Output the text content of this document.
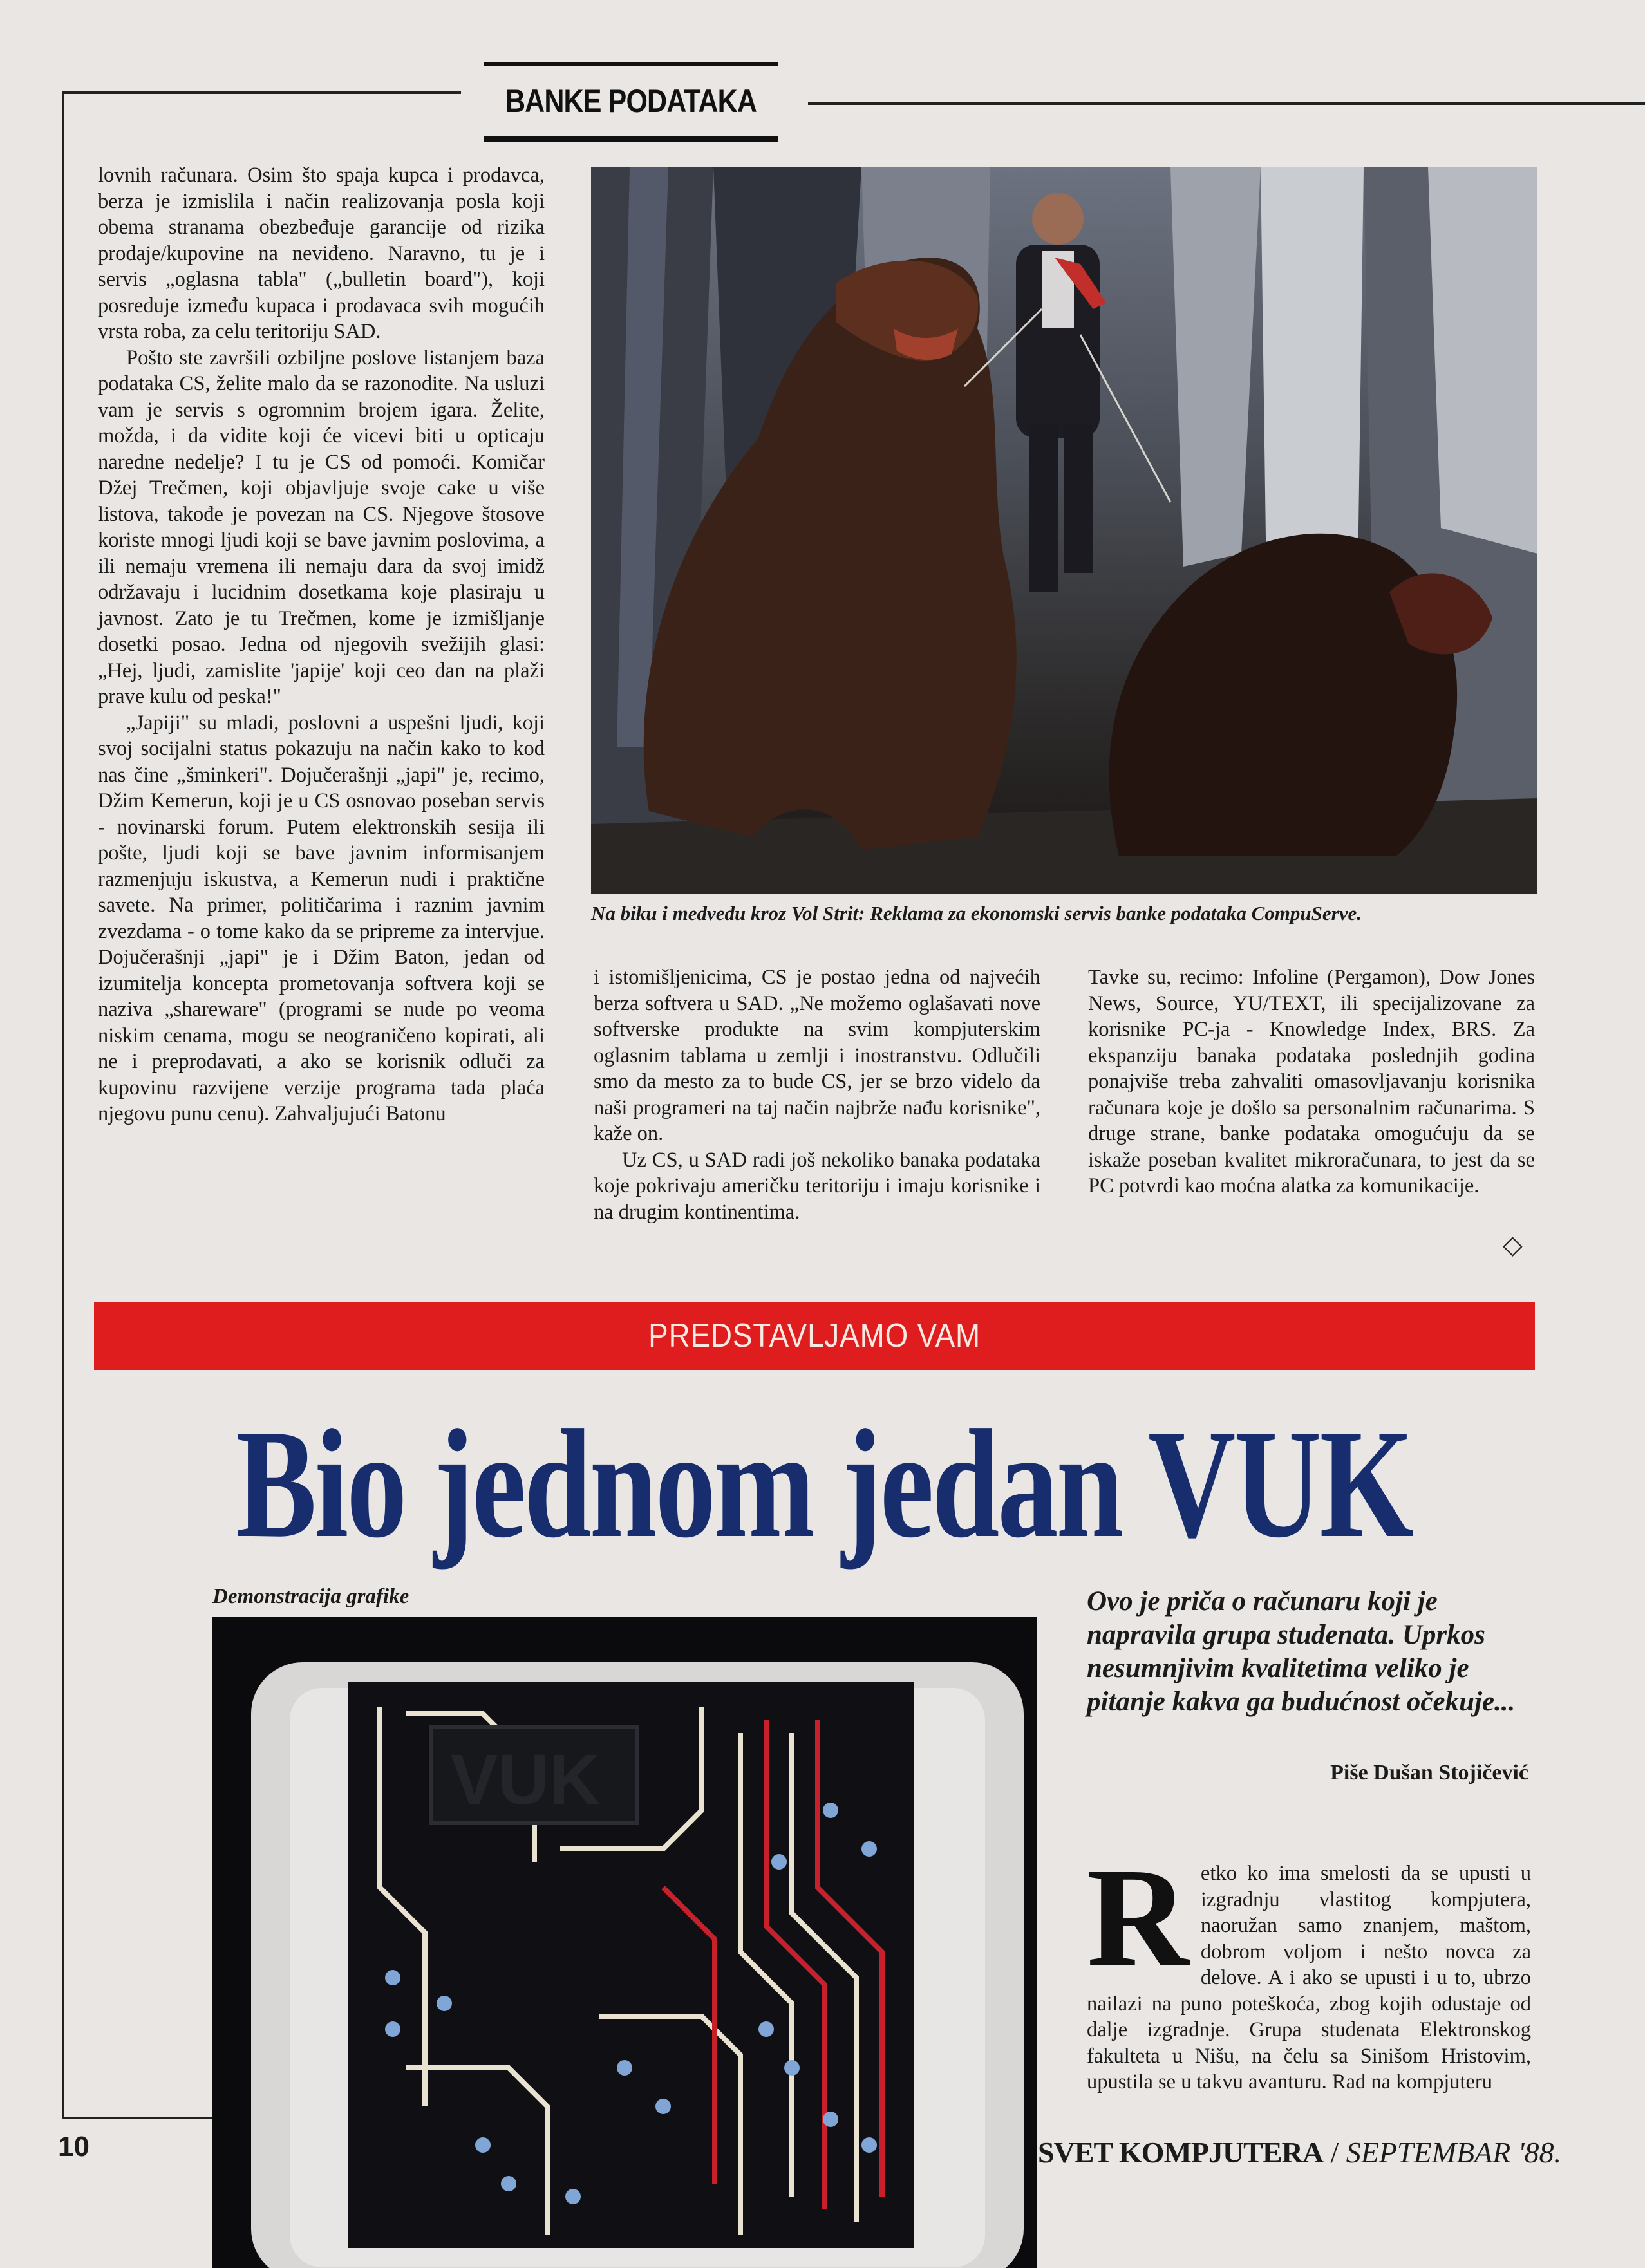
BANKE PODATAKA

lovnih računara. Osim što spaja kupca i prodavca, berza je izmislila i način realizovanja posla koji obema stranama obezbeđuje garancije od rizika prodaje/kupovine na neviđeno. Naravno, tu je i servis „oglasna tabla" („bulletin board"), koji posreduje između kupaca i prodavaca svih mogućih vrsta roba, za celu teritoriju SAD.

Pošto ste završili ozbiljne poslove listanjem baza podataka CS, želite malo da se razonodite. Na usluzi vam je servis s ogromnim brojem igara. Želite, možda, i da vidite koji će vicevi biti u opticaju naredne nedelje? I tu je CS od pomoći. Komičar Džej Trečmen, koji objavljuje svoje cake u više listova, takođe je povezan na CS. Njegove štosove koriste mnogi ljudi koji se bave javnim poslovima, a ili nemaju vremena ili nemaju dara da svoj imidž održavaju i lucidnim dosetkama koje plasiraju u javnost. Zato je tu Trečmen, kome je izmišljanje dosetki posao. Jedna od njegovih svežijih glasi: „Hej, ljudi, zamislite 'japije' koji ceo dan na plaži prave kulu od peska!"

„Japiji" su mladi, poslovni a uspešni ljudi, koji svoj socijalni status pokazuju na način kako to kod nas čine „šminkeri". Dojučerašnji „japi" je, recimo, Džim Kemerun, koji je u CS osnovao poseban servis - novinarski forum. Putem elektronskih sesija ili pošte, ljudi koji se bave javnim informisanjem razmenjuju iskustva, a Kemerun nudi i praktične savete. Na primer, političarima i raznim javnim zvezdama - o tome kako da se pripreme za intervjue. Dojučerašnji „japi" je i Džim Baton, jedan od izumitelja koncepta prometovanja softvera koji se naziva „shareware" (programi se nude po veoma niskim cenama, mogu se neograničeno kopirati, ali ne i preprodavati, a ako se korisnik odluči za kupovinu razvijene verzije programa tada plaća njegovu punu cenu). Zahvaljujući Batonu

Na biku i medvedu kroz Vol Strit: Reklama za ekonomski servis banke podataka CompuServe.

i istomišljenicima, CS je postao jedna od najvećih berza softvera u SAD. „Ne možemo oglašavati nove softverske produkte na svim kompjuterskim oglasnim tablama u zemlji i inostranstvu. Odlučili smo da mesto za to bude CS, jer se brzo videlo da naši programeri na taj način najbrže nađu korisnike", kaže on.

Uz CS, u SAD radi još nekoliko banaka podataka koje pokrivaju američku teritoriju i imaju korisnike i na drugim kontinentima.

Tavke su, recimo: Infoline (Pergamon), Dow Jones News, Source, YU/TEXT, ili specijalizovane za korisnike PC-ja - Knowledge Index, BRS. Za ekspanziju banaka podataka poslednjih godina ponajviše treba zahvaliti omasovljavanju korisnika računara koje je došlo sa personalnim računarima. S druge strane, banke podataka omogućuju da se iskaže poseban kvalitet mikroračunara, to jest da se PC potvrdi kao moćna alatka za komunikacije.

◇
PREDSTAVLJAMO VAM
Bio jednom jedan VUK
Demonstracija grafike
VUK

Ovo je priča o računaru koji je napravila grupa studenata. Uprkos nesumnjivim kvalitetima veliko je pitanje kakva ga budućnost očekuje...

Piše Dušan Stojičević

Retko ko ima smelosti da se upusti u izgradnju vlastitog kompjutera, naoružan samo znanjem, maštom, dobrom voljom i nešto novca za delove. A i ako se upusti i u to, ubrzo nailazi na puno poteškoća, zbog kojih odustaje od dalje izgradnje. Grupa studenata Elektronskog fakulteta u Nišu, na čelu sa Sinišom Hristovim, upustila se u takvu avanturu. Rad na kompjuteru

10	SVET KOMPJUTERA / SEPTEMBAR '88.
